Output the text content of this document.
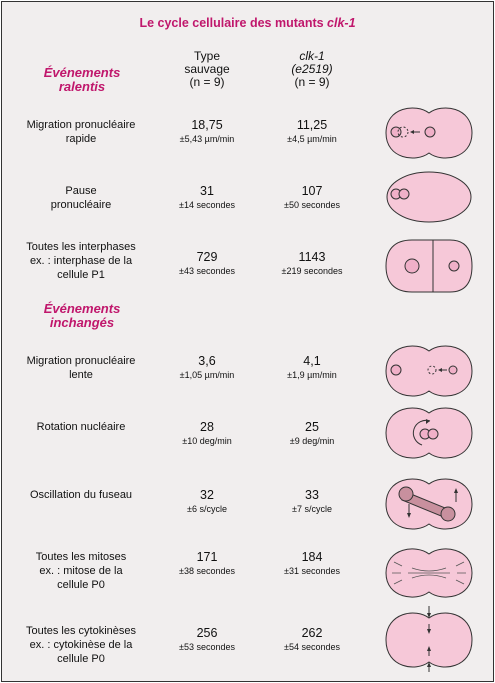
Le cycle cellulaire des mutants clk-1
Type
sauvage
(n = 9)
clk-1
(e2519)
(n = 9)
Événements
ralentis
Événements
inchangés
Migration pronucléaire
rapide
18,75
±5,43 µm/min
11,25
±4,5 µm/min
Pause
pronucléaire
31
±14 secondes
107
±50 secondes
Toutes les interphases
ex. : interphase de la
cellule P1
729
±43 secondes
1143
±219 secondes
Migration pronucléaire
lente
3,6
±1,05 µm/min
4,1
±1,9 µm/min
Rotation nucléaire	28
±10 deg/min
25
±9 deg/min
Oscillation du fuseau	32
±6 s/cycle
33
±7 s/cycle
Toutes les mitoses
ex. : mitose de la
cellule P0
171
±38 secondes
184
±31 secondes
Toutes les cytokinèses
ex. : cytokinèse de la
cellule P0
256
±53 secondes
262
±54 secondes
